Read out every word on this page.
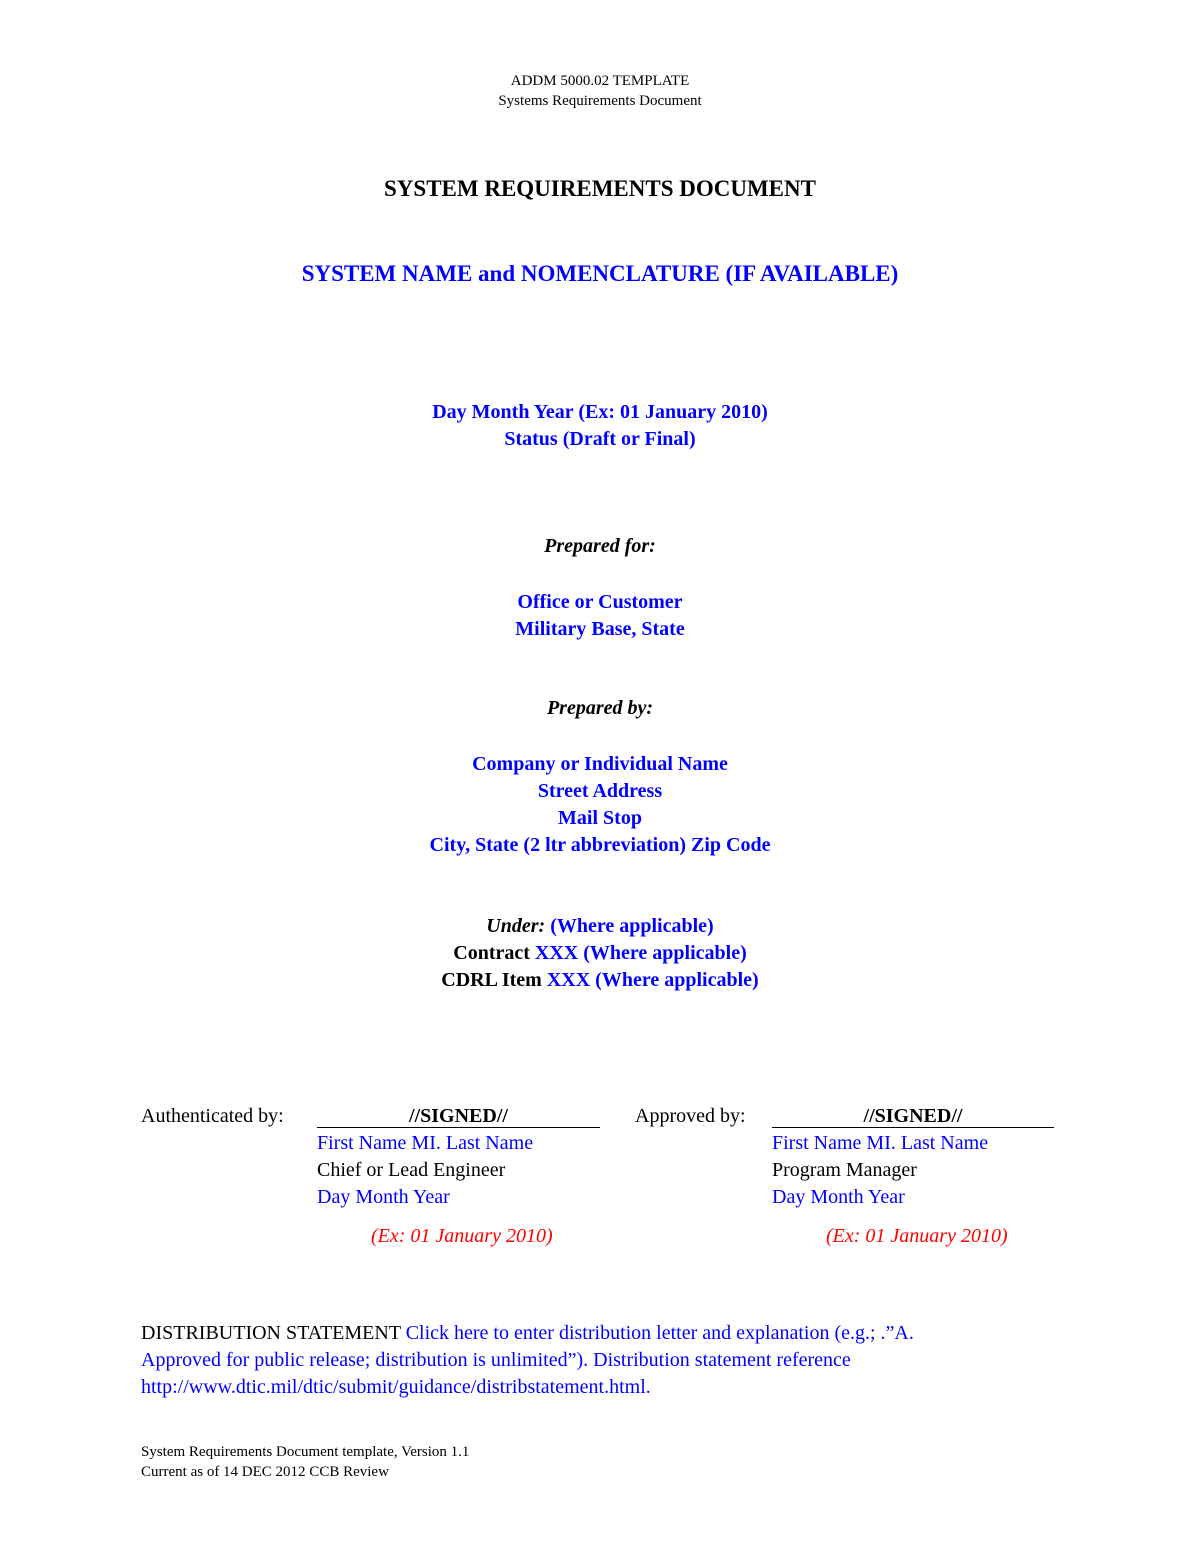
ADDM 5000.02 TEMPLATE
Systems Requirements Document
SYSTEM REQUIREMENTS DOCUMENT
SYSTEM NAME and NOMENCLATURE (IF AVAILABLE)
Day Month Year (Ex: 01 January 2010)
Status (Draft or Final)
Prepared for:
Office or Customer
Military Base, State
Prepared by:
Company or Individual Name
Street Address
Mail Stop
City, State (2 ltr abbreviation) Zip Code
Under: (Where applicable)
Contract XXX (Where applicable)
CDRL Item XXX (Where applicable)
Authenticated by:	//SIGNED//
First Name MI. Last Name
Chief or Lead Engineer
Day Month Year
(Ex: 01 January 2010)
Approved by:	//SIGNED//
First Name MI. Last Name
Program Manager
Day Month Year
(Ex: 01 January 2010)
DISTRIBUTION STATEMENT Click here to enter distribution letter and explanation (e.g.; .”A.
Approved for public release; distribution is unlimited”). Distribution statement reference
http://www.dtic.mil/dtic/submit/guidance/distribstatement.html.
System Requirements Document template, Version 1.1
Current as of 14 DEC 2012 CCB Review
